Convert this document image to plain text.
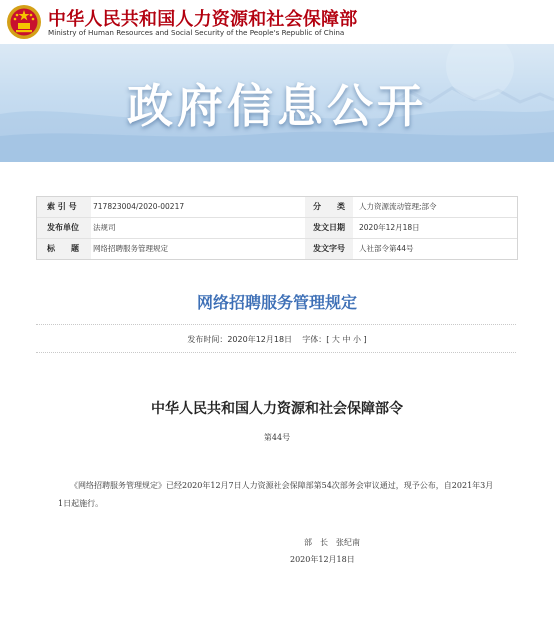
中华人民共和国人力资源和社会保障部
Ministry of Human Resources and Social Security of the People's Republic of China
政府信息公开
索 引 号	717823004/2020-00217	分　　类	人力资源流动管理;部令
发布单位	法规司	发文日期	2020年12月18日
标　　题	网络招聘服务管理规定	发文字号	人社部令第44号
网络招聘服务管理规定
发布时间：2020年12月18日 字体：[ 大 中 小 ]
中华人民共和国人力资源和社会保障部令
第44号
《网络招聘服务管理规定》已经2020年12月7日人力资源社会保障部第54次部务会审议通过，现予公布，自2021年3月1日起施行。
部　长　张纪南
2020年12月18日
